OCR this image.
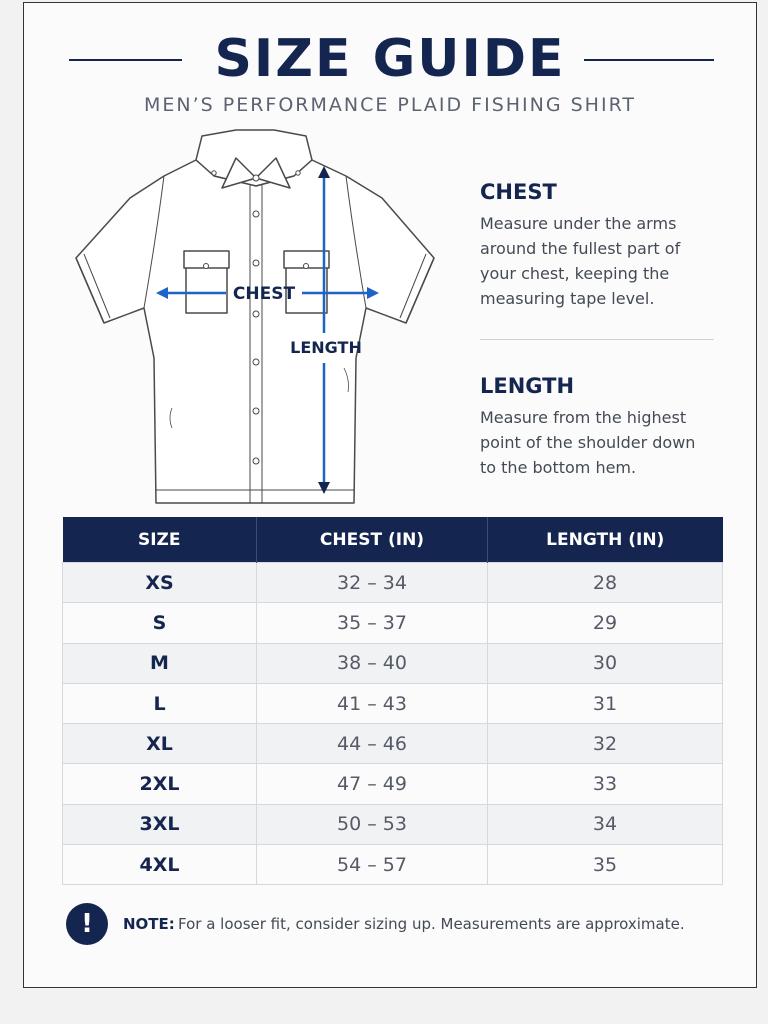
SIZE GUIDE
MEN’S PERFORMANCE PLAID FISHING SHIRT
CHEST
LENGTH

CHEST

Measure under the arms
around the fullest part of
your chest, keeping the
measuring tape level.

LENGTH

Measure from the highest
point of the shoulder down
to the bottom hem.

SIZE	CHEST (IN)	LENGTH (IN)
XS	32 – 34	28
S	35 – 37	29
M	38 – 40	30
L	41 – 43	31
XL	44 – 46	32
2XL	47 – 49	33
3XL	50 – 53	34
4XL	54 – 57	35
!	NOTE: For a looser fit, consider sizing up. Measurements are approximate.
